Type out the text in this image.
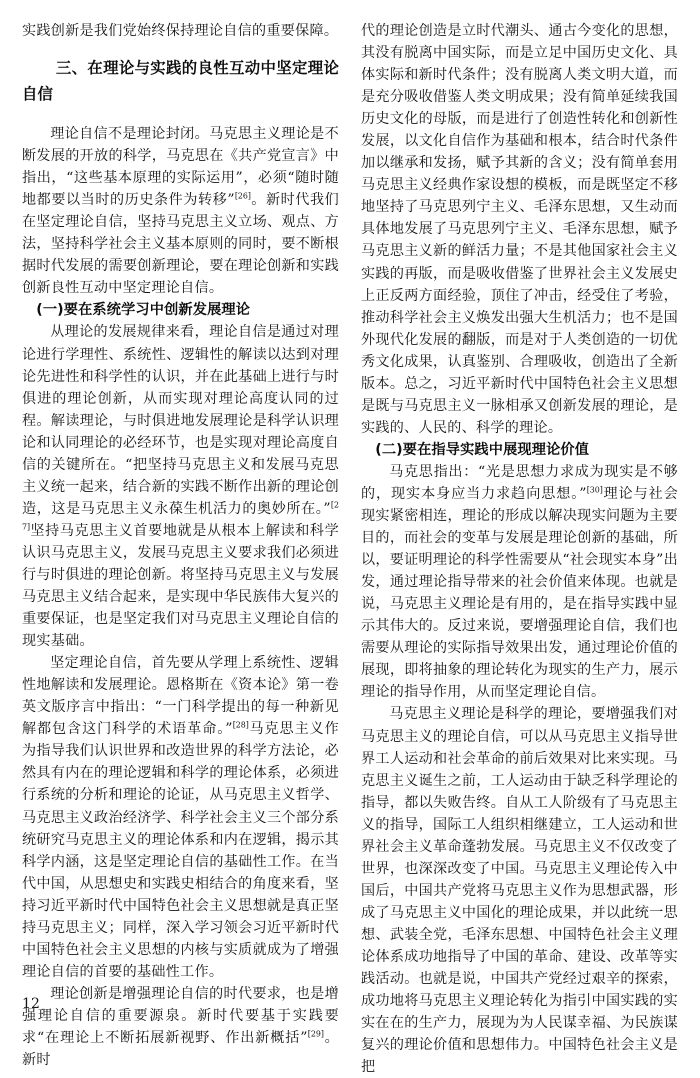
实践创新是我们党始终保持理论自信的重要保障。

三、在理论与实践的良性互动中坚定理论自信

理论自信不是理论封闭。马克思主义理论是不断发展的开放的科学，马克思在《共产党宣言》中指出，“这些基本原理的实际运用”，必须“随时随地都要以当时的历史条件为转移”[26]。新时代我们在坚定理论自信，坚持马克思主义立场、观点、方法，坚持科学社会主义基本原则的同时，要不断根据时代发展的需要创新理论，要在理论创新和实践创新良性互动中坚定理论自信。

(一)要在系统学习中创新发展理论

从理论的发展规律来看，理论自信是通过对理论进行学理性、系统性、逻辑性的解读以达到对理论先进性和科学性的认识，并在此基础上进行与时俱进的理论创新，从而实现对理论高度认同的过程。解读理论，与时俱进地发展理论是科学认识理论和认同理论的必经环节，也是实现对理论高度自信的关键所在。“把坚持马克思主义和发展马克思主义统一起来，结合新的实践不断作出新的理论创造，这是马克思主义永葆生机活力的奥妙所在。”[27]坚持马克思主义首要地就是从根本上解读和科学认识马克思主义，发展马克思主义要求我们必须进行与时俱进的理论创新。将坚持马克思主义与发展马克思主义结合起来，是实现中华民族伟大复兴的重要保证，也是坚定我们对马克思主义理论自信的现实基础。

坚定理论自信，首先要从学理上系统性、逻辑性地解读和发展理论。恩格斯在《资本论》第一卷英文版序言中指出：“一门科学提出的每一种新见解都包含这门科学的术语革命。”[28]马克思主义作为指导我们认识世界和改造世界的科学方法论，必然具有内在的理论逻辑和科学的理论体系，必须进行系统的分析和理论的论证，从马克思主义哲学、马克思主义政治经济学、科学社会主义三个部分系统研究马克思主义的理论体系和内在逻辑，揭示其科学内涵，这是坚定理论自信的基础性工作。在当代中国，从思想史和实践史相结合的角度来看，坚持习近平新时代中国特色社会主义思想就是真正坚持马克思主义；同样，深入学习领会习近平新时代中国特色社会主义思想的内核与实质就成为了增强理论自信的首要的基础性工作。

理论创新是增强理论自信的时代要求，也是增强理论自信的重要源泉。新时代要基于实践要求“在理论上不断拓展新视野、作出新概括”[29]。新时

代的理论创造是立时代潮头、通古今变化的思想，其没有脱离中国实际，而是立足中国历史文化、具体实际和新时代条件；没有脱离人类文明大道，而是充分吸收借鉴人类文明成果；没有简单延续我国历史文化的母版，而是进行了创造性转化和创新性发展，以文化自信作为基础和根本，结合时代条件加以继承和发扬，赋予其新的含义；没有简单套用马克思主义经典作家设想的模板，而是既坚定不移地坚持了马克思列宁主义、毛泽东思想，又生动而具体地发展了马克思列宁主义、毛泽东思想，赋予马克思主义新的鲜活力量；不是其他国家社会主义实践的再版，而是吸收借鉴了世界社会主义发展史上正反两方面经验，顶住了冲击，经受住了考验，推动科学社会主义焕发出强大生机活力；也不是国外现代化发展的翻版，而是对于人类创造的一切优秀文化成果，认真鉴别、合理吸收，创造出了全新版本。总之，习近平新时代中国特色社会主义思想是既与马克思主义一脉相承又创新发展的理论，是实践的、人民的、科学的理论。

(二)要在指导实践中展现理论价值

马克思指出：“光是思想力求成为现实是不够的，现实本身应当力求趋向思想。”[30]理论与社会现实紧密相连，理论的形成以解决现实问题为主要目的，而社会的变革与发展是理论创新的基础，所以，要证明理论的科学性需要从“社会现实本身”出发，通过理论指导带来的社会价值来体现。也就是说，马克思主义理论是有用的，是在指导实践中显示其伟大的。反过来说，要增强理论自信，我们也需要从理论的实际指导效果出发，通过理论价值的展现，即将抽象的理论转化为现实的生产力，展示理论的指导作用，从而坚定理论自信。

马克思主义理论是科学的理论，要增强我们对马克思主义的理论自信，可以从马克思主义指导世界工人运动和社会革命的前后效果对比来实现。马克思主义诞生之前，工人运动由于缺乏科学理论的指导，都以失败告终。自从工人阶级有了马克思主义的指导，国际工人组织相继建立，工人运动和世界社会主义革命蓬勃发展。马克思主义不仅改变了世界，也深深改变了中国。马克思主义理论传入中国后，中国共产党将马克思主义作为思想武器，形成了马克思主义中国化的理论成果，并以此统一思想、武装全党，毛泽东思想、中国特色社会主义理论体系成功地指导了中国的革命、建设、改革等实践活动。也就是说，中国共产党经过艰辛的探索，成功地将马克思主义理论转化为指引中国实践的实实在在的生产力，展现为为人民谋幸福、为民族谋复兴的理论价值和思想伟力。中国特色社会主义是把

12
